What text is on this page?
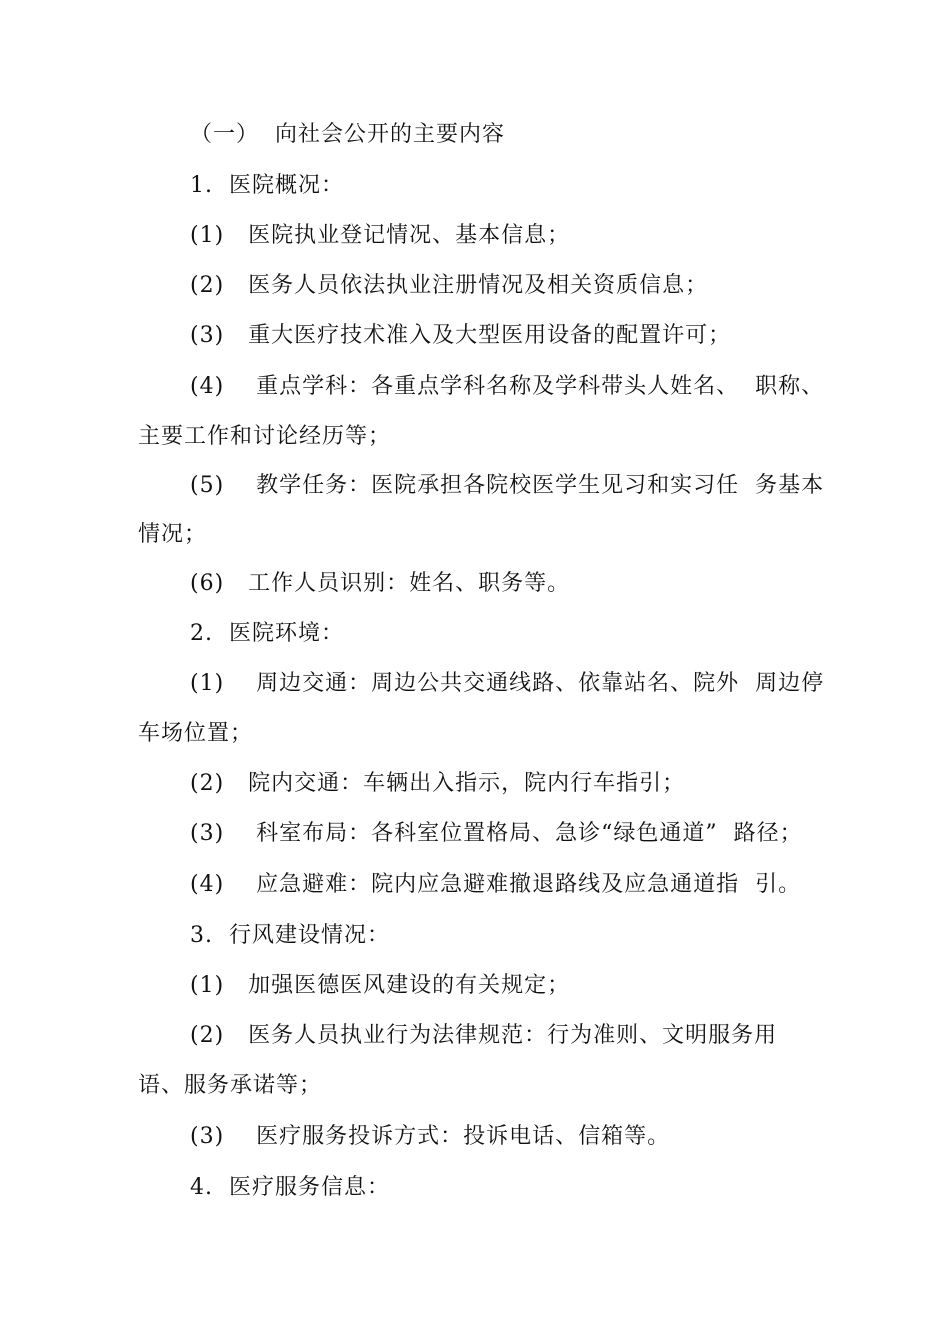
（一）  向社会公开的主要内容
1.  医院概况：
(1)   医院执业登记情况、基本信息；
(2)   医务人员依法执业注册情况及相关资质信息；
(3)   重大医疗技术准入及大型医用设备的配置许可；
(4)    重点学科：各重点学科名称及学科带头人姓名、  职称、
主要工作和讨论经历等；
(5)    教学任务：医院承担各院校医学生见习和实习任  务基本
情况；
(6)   工作人员识别：姓名、职务等。
2.  医院环境：
(1)    周边交通：周边公共交通线路、依靠站名、院外  周边停
车场位置；
(2)   院内交通：车辆出入指示，院内行车指引；
(3)    科室布局：各科室位置格局、急诊“绿色通道”  路径；
(4)    应急避难：院内应急避难撤退路线及应急通道指  引。
3.  行风建设情况：
(1)   加强医德医风建设的有关规定；
(2)   医务人员执业行为法律规范：行为准则、文明服务用
语、服务承诺等；
(3)    医疗服务投诉方式：投诉电话、信箱等。
4.  医疗服务信息：
